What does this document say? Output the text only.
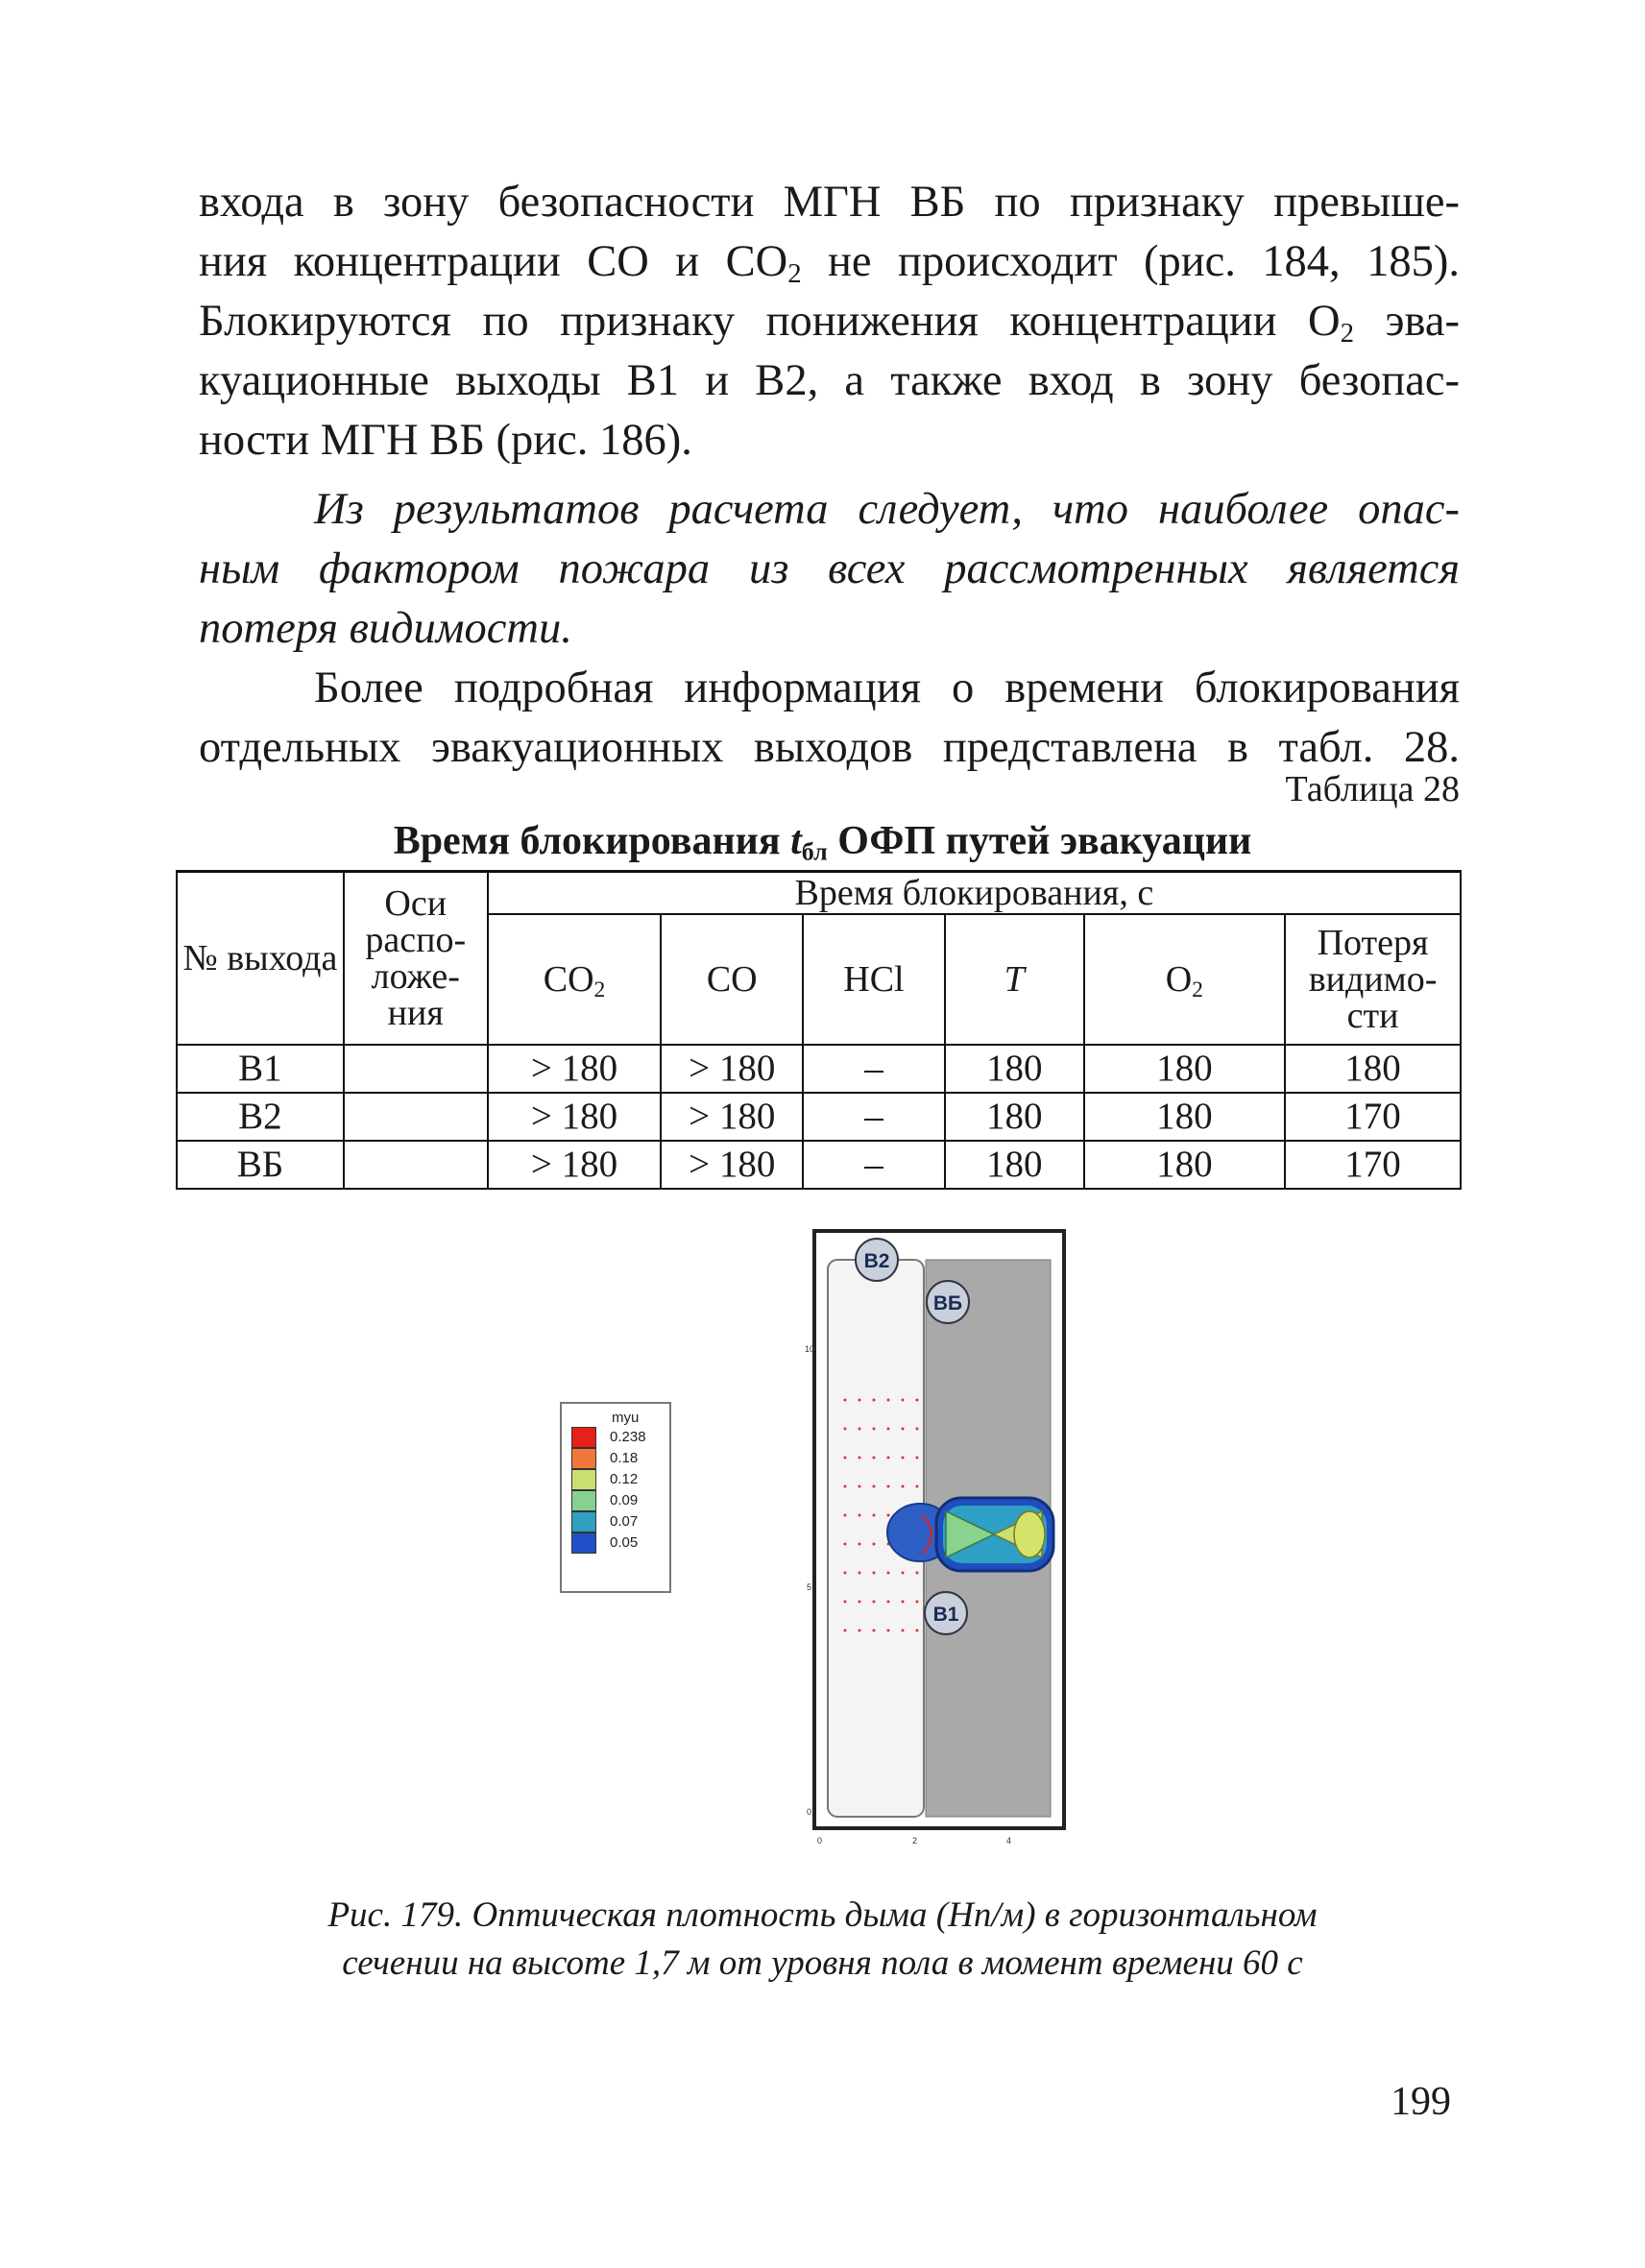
входа в зону безопасности МГН ВБ по признаку превыше-
ния концентрации СО и $СО_2$ не происходит (рис. 184, 185).
Блокируются по признаку понижения концентрации $О_2$ эва-
куационные выходы В1 и В2, а также вход в зону безопас-
ности МГН ВБ (рис. 186).
Из результатов расчета следует, что наиболее опас-
ным фактором пожара из всех рассмотренных является
потеря видимости.
Более подробная информация о времени блокирования
отдельных эвакуационных выходов представлена в табл. 28.
Таблица 28
Время блокирования $t_{бл}$ ОФП путей эвакуации
№ выхода	Оси распо-ложе-ния	Время блокирования, с					
		$CO_2$	CO	HCl	T	$O_2$	Потеря видимо-сти
В1		> 180	> 180	–	180	180	180
В2		> 180	> 180	–	180	180	170
ВБ		> 180	> 180	–	180	180	170
myu
0.238
0.18
0.12
0.09
0.07
0.05
В2
ВБ
В1
10
5
0
0	2	4
Рис. 179. Оптическая плотность дыма (Нп/м) в горизонтальном
сечении на высоте 1,7 м от уровня пола в момент времени 60 с
199
